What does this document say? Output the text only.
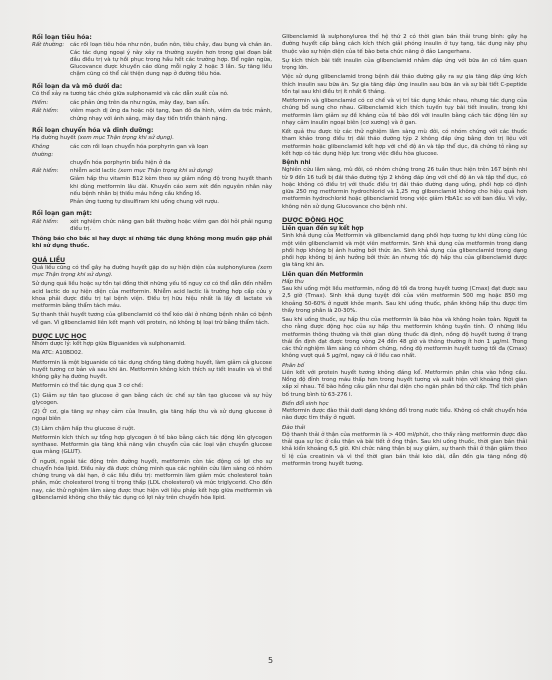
Rối loạn tiêu hóa:
Rất thường:	các rối loạn tiêu hóa như nôn, buồn nôn, tiêu chảy, đau bụng và chán ăn. Các tác dụng ngoại ý này xảy ra thường xuyên hơn trong giai đoạn bắt đầu điều trị và tự hồi phục trong hầu hết các trường hợp. Để ngăn ngừa, Glucovance được khuyến cáo dùng mỗi ngày 2 hoặc 3 lần. Sự tăng liều chậm cũng có thể cải thiện dung nạp ở đường tiêu hóa.
Rối loạn da và mô dưới da:

Có thể xảy ra tương tác chéo giữa sulphonamid và các dẫn xuất của nó.

Hiếm:	các phản ứng trên da như ngứa, mày đay, ban sẩn.
Rất hiếm:	viêm mạch dị ứng da hoặc nội tạng, ban đỏ đa hình, viêm da tróc mảnh, chứng nhạy với ánh sáng, mày đay tiến triển thành nặng.
Rối loạn chuyển hóa và dinh dưỡng:

Hạ đường huyết (xem mục Thận trọng khi sử dụng).

Không thường:
các cơn rối loạn chuyển hóa porphyrin gan và loạn
chuyển hóa porphyrin biểu hiện ở da
Rất hiếm:	nhiễm acid lactic (xem mục Thận trọng khi sử dụng)
Giảm hấp thu vitamin B12 kèm theo sự giảm nồng độ trong huyết thanh khi dùng metformin lâu dài. Khuyến cáo xem xét đến nguyên nhân này nếu bệnh nhân bị thiếu máu hồng cầu khổng lồ.
Phản ứng tương tự disulfiram khi uống chung với rượu.
Rối loạn gan mật:
Rất hiếm:	xét nghiệm chức năng gan bất thường hoặc viêm gan đòi hỏi phải ngưng điều trị.

Thông báo cho bác sĩ hay dược sĩ những tác dụng không mong muốn gặp phải khi sử dụng thuốc.

QUÁ LIỀU

Quá liều cũng có thể gây hạ đường huyết gặp do sự hiện diện của sulphonylurea (xem mục Thận trọng khi sử dụng).

Sử dụng quá liều hoặc sự tồn tại đồng thời những yếu tố nguy cơ có thể dẫn đến nhiễm acid lactic do sự hiện diện của metformin. Nhiễm acid lactic là trường hợp cấp cứu y khoa phải được điều trị tại bệnh viện. Điều trị hữu hiệu nhất là lấy đi lactate và metformin bằng thẩm tách máu.

Sự thanh thải huyết tương của glibenclamid có thể kéo dài ở những bệnh nhân có bệnh về gan. Vì glibenclamid liên kết mạnh với protein, nó không bị loại trừ bằng thẩm tách.

DƯỢC LỰC HỌC

Nhóm dược lý: kết hợp giữa Biguanides và sulphonamid.

Mã ATC: A10BD02.

Metformin là một biguanide có tác dụng chống tăng đường huyết, làm giảm cả glucose huyết tương cơ bản và sau khi ăn. Metformin không kích thích sự tiết insulin và vì thế không gây hạ đường huyết.

Metformin có thể tác dụng qua 3 cơ chế:

(1) Giảm sự tân tạo glucose ở gan bằng cách ức chế sự tân tạo glucose và sự hủy glycogen.

(2) Ở cơ, gia tăng sự nhạy cảm của Insulin, gia tăng hấp thu và sử dụng glucose ở ngoại biên

(3) Làm chậm hấp thu glucose ở ruột.

Metformin kích thích sự tổng hợp glycogen ở tế bào bằng cách tác động lên glycogen synthase. Metformin gia tăng khả năng vận chuyển của các loại vận chuyển glucose qua màng (GLUT).

Ở người, ngoài tác động trên đường huyết, metformin còn tác động có lợi cho sự chuyển hóa lipid. Điều này đã được chứng minh qua các nghiên cứu lâm sàng có nhóm chứng trung và dài hạn, ở các liều điều trị: metformin làm giảm mức cholesterol toàn phần, mức cholesterol trong tỉ trọng thấp (LDL cholesterol) và mức triglycerid. Cho đến nay, các thử nghiệm lâm sàng được thực hiện với liệu pháp kết hợp giữa metformin và glibenclamid không cho thấy tác dụng có lợi này trên chuyển hóa lipid.

Glibenclamid là sulphonylurea thế hệ thứ 2 có thời gian bán thải trung bình: gây hạ đường huyết cấp bằng cách kích thích giải phóng insulin ở tụy tạng, tác dụng này phụ thuộc vào sự hiện diện của tế bào beta chức năng ở đảo Langerhans.

Sự kích thích bài tiết insulin của glibenclamid nhằm đáp ứng với bữa ăn có tầm quan trọng lớn.

Việc sử dụng glibenclamid trong bệnh đái tháo đường gây ra sự gia tăng đáp ứng kích thích insulin sau bữa ăn. Sự gia tăng đáp ứng insulin sau bữa ăn và sự bài tiết C-peptide tồn tại sau khi điều trị ít nhất 6 tháng.

Metformin và glibenclamid có cơ chế và vị trí tác dụng khác nhau, nhưng tác dụng của chúng bổ sung cho nhau. Glibenclamid kích thích tuyến tụy bài tiết insulin, trong khi metformin làm giảm sự đề kháng của tế bào đối với insulin bằng cách tác động lên sự nhạy cảm insulin ngoại biên (cơ xương) và ở gan.

Kết quả thu được từ các thử nghiệm lâm sàng mù đôi, có nhóm chứng với các thuốc tham khảo trong điều trị đái tháo đường týp 2 không đáp ứng bằng đơn trị liệu với metformin hoặc glibenclamid kết hợp với chế độ ăn và tập thể dục, đã chứng tỏ rằng sự kết hợp có tác dụng hiệp lực trong việc điều hòa glucose.

Bệnh nhi

Nghiên cứu lâm sàng, mù đôi, có nhóm chứng trong 26 tuần thực hiện trên 167 bệnh nhi từ 9 đến 16 tuổi bị đái tháo đường týp 2 không đáp ứng với chế độ ăn và tập thể dục, có hoặc không có điều trị với thuốc điều trị đái tháo đường dạng uống, phối hợp có định giữa 250 mg metformin hydrochlorid và 1,25 mg glibenclamid không cho hiệu quả hơn metformin hydrochlorid hoặc glibenclamid trong việc giảm HbA1c so với ban đầu. Vì vậy, không nên sử dụng Glucovance cho bệnh nhi.

DƯỢC ĐỘNG HỌC
Liên quan đến sự kết hợp

Sinh khả dụng của Metformin và glibenclamid dạng phối hợp tương tự khi dùng cùng lúc một viên glibenclamid và một viên metformin. Sinh khả dụng của metformin trong dạng phối hợp không bị ảnh hưởng bởi thức ăn. Sinh khả dụng của glibenclamid trong dạng phối hợp không bị ảnh hưởng bởi thức ăn nhưng tốc độ hấp thu của glibenclamid được gia tăng khi ăn.

Liên quan đến Metformin
Hấp thu

Sau khi uống một liều metformin, nồng độ tối đa trong huyết tương (Cmax) đạt được sau 2,5 giờ (Tmax). Sinh khả dụng tuyệt đối của viên metformin 500 mg hoặc 850 mg khoảng 50-60% ở người khỏe mạnh. Sau khi uống thuốc, phần không hấp thu được tìm thấy trong phân là 20-30%.

Sau khi uống thuốc, sự hấp thu của metformin là bão hòa và không hoàn toàn. Người ta cho rằng được động học của sự hấp thu metformin không tuyến tính. Ở những liều metformin thông thường và thời gian dùng thuốc đã định, nồng độ huyết tương ở trạng thái ổn định đạt được trong vòng 24 đến 48 giờ và thông thường ít hơn 1 µg/ml. Trong các thử nghiệm lâm sàng có nhóm chứng, nồng độ metformin huyết tương tối đa (Cmax) không vượt quá 5 µg/ml, ngay cả ở liều cao nhất.

Phân bố

Liên kết với protein huyết tương không đáng kể. Metformin phân chia vào hồng cầu. Nồng độ đỉnh trong máu thấp hơn trong huyết tương và xuất hiện với khoảng thời gian xấp xỉ nhau. Tế bào hồng cầu gần như đại diện cho ngăn phân bố thứ cấp. Thể tích phân bố trung bình từ 63-276 l.

Biến đổi sinh học

Metformin được đào thải dưới dạng không đổi trong nước tiểu. Không có chất chuyển hóa nào được tìm thấy ở người.

Đào thải

Độ thanh thải ở thận của metformin là > 400 ml/phút, cho thấy rằng metformin được đào thải qua sự lọc ở cầu thận và bài tiết ở ống thận. Sau khi uống thuốc, thời gian bán thải khả kiến khoảng 6,5 giờ. Khi chức năng thận bị suy giảm, sự thanh thải ở thận giảm theo tỉ lệ của creatinin và vì thế thời gian bán thải kéo dài, dẫn đến gia tăng nồng độ metformin trong huyết tương.

5
